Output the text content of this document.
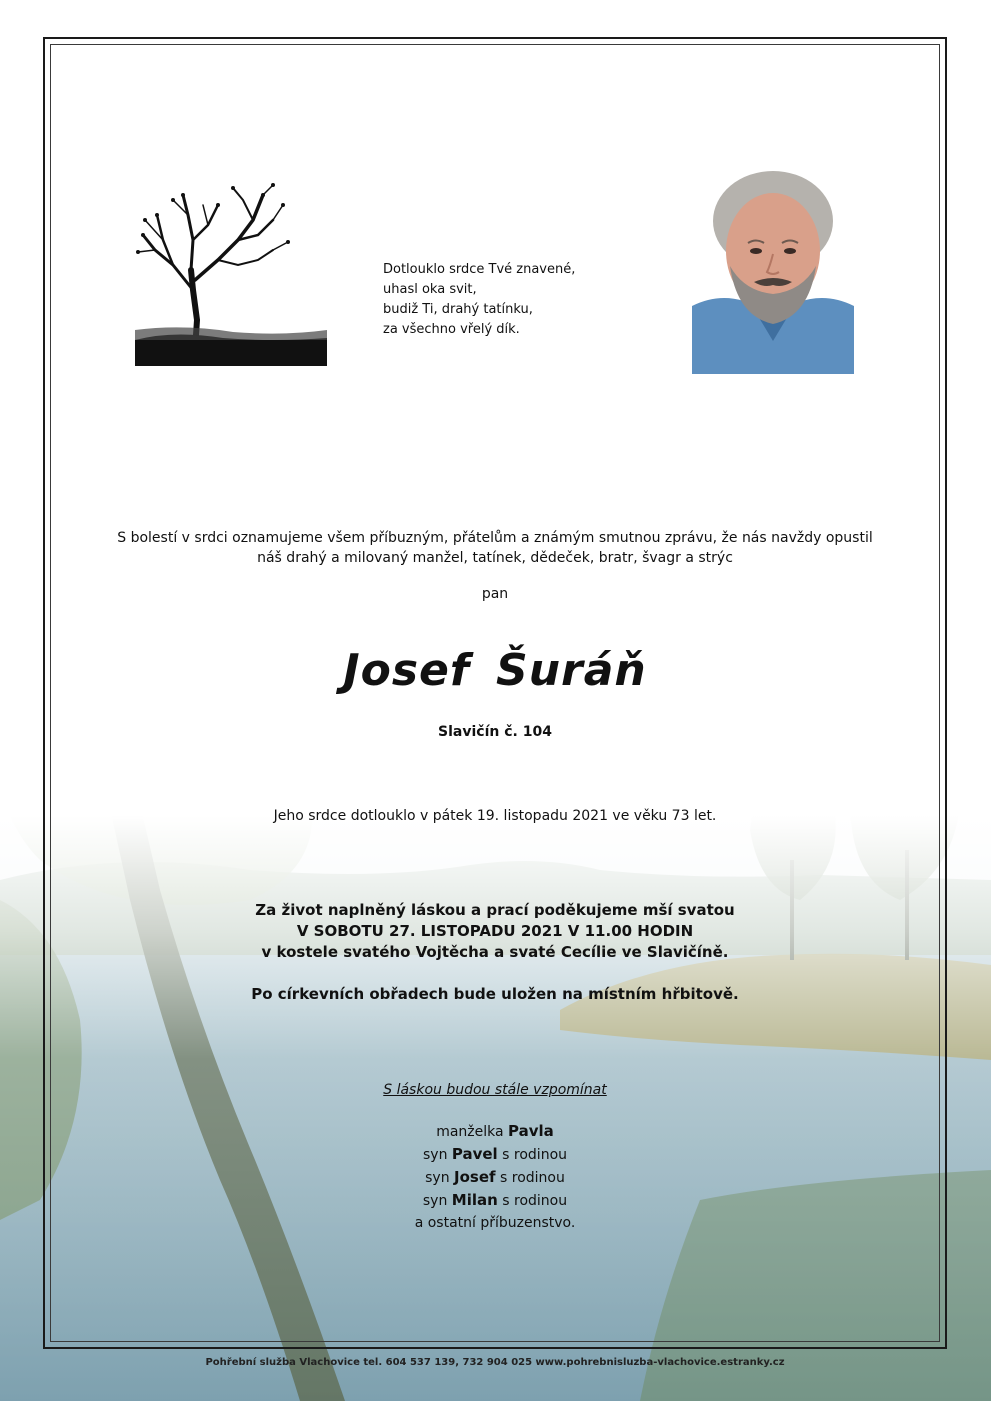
Dotlouklo srdce Tvé znavené,
uhasl oka svit,
budiž Ti, drahý tatínku,
za všechno vřelý dík.
S bolestí v srdci oznamujeme všem příbuzným, přátelům a známým smutnou zprávu, že nás navždy opustil
náš drahý a milovaný manžel, tatínek, dědeček, bratr, švagr a strýc
pan
Josef Šuráň
Slavičín č. 104
Jeho srdce dotlouklo v pátek 19. listopadu 2021 ve věku 73 let.
Za život naplněný láskou a prací poděkujeme mší svatou
V SOBOTU 27. LISTOPADU 2021 V 11.00 HODIN
v kostele svatého Vojtěcha a svaté Cecílie ve Slavičíně.
Po církevních obřadech bude uložen na místním hřbitově.
S láskou budou stále vzpomínat
manželka Pavla
syn Pavel s rodinou
syn Josef s rodinou
syn Milan s rodinou
a ostatní příbuzenstvo.
Pohřební služba Vlachovice tel. 604 537 139, 732 904 025 www.pohrebnisluzba-vlachovice.estranky.cz
